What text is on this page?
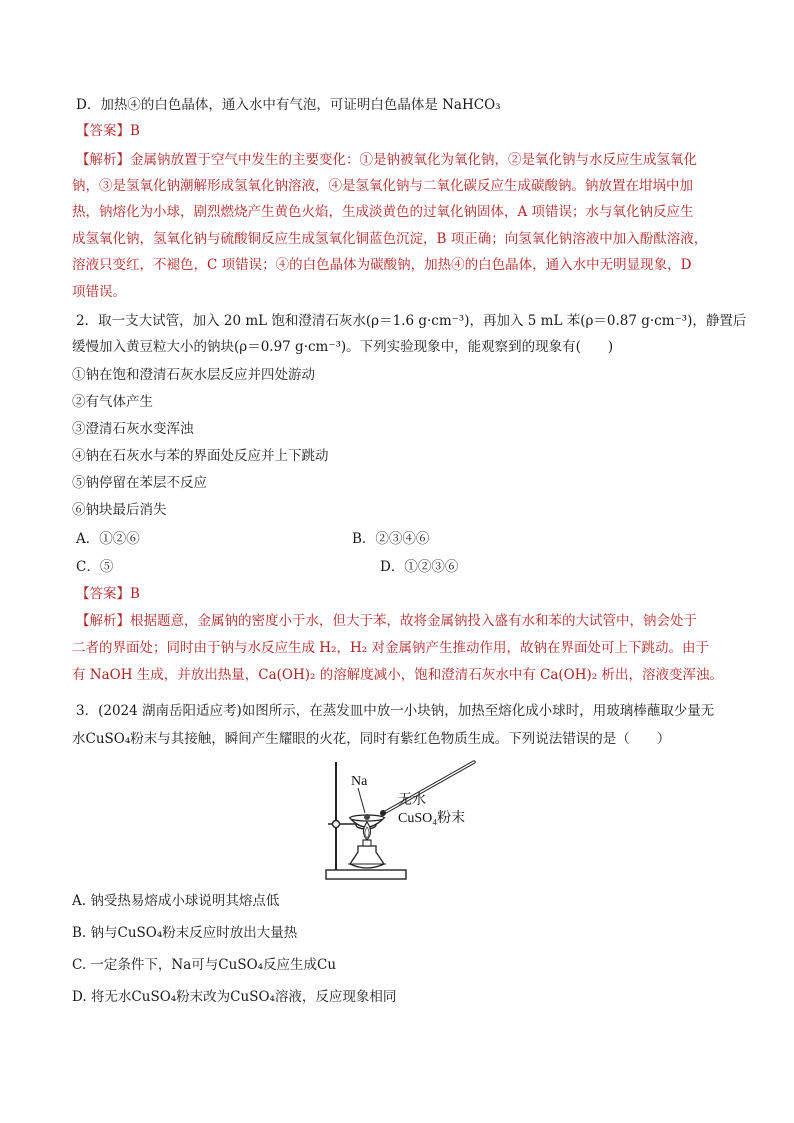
D．加热④的白色晶体，通入水中有气泡，可证明白色晶体是 NaHCO₃
【答案】B
【解析】金属钠放置于空气中发生的主要变化：①是钠被氧化为氧化钠，②是氧化钠与水反应生成氢氧化
钠，③是氢氧化钠潮解形成氢氧化钠溶液，④是氢氧化钠与二氧化碳反应生成碳酸钠。钠放置在坩埚中加
热，钠熔化为小球，剧烈燃烧产生黄色火焰，生成淡黄色的过氧化钠固体，A 项错误；水与氧化钠反应生
成氢氧化钠，氢氧化钠与硫酸铜反应生成氢氧化铜蓝色沉淀，B 项正确；向氢氧化钠溶液中加入酚酞溶液，
溶液只变红，不褪色，C 项错误；④的白色晶体为碳酸钠，加热④的白色晶体，通入水中无明显现象，D
项错误。
2．取一支大试管，加入 20 mL 饱和澄清石灰水(ρ＝1.6 g·cm⁻³)，再加入 5 mL 苯(ρ＝0.87 g·cm⁻³)，静置后
缓慢加入黄豆粒大小的钠块(ρ＝0.97 g·cm⁻³)。下列实验现象中，能观察到的现象有(　　)
①钠在饱和澄清石灰水层反应并四处游动
②有气体产生
③澄清石灰水变浑浊
④钠在石灰水与苯的界面处反应并上下跳动
⑤钠停留在苯层不反应
⑥钠块最后消失
A．①②⑥	B．②③④⑥
C．⑤	D．①②③⑥
【答案】B
【解析】根据题意，金属钠的密度小于水，但大于苯，故将金属钠投入盛有水和苯的大试管中，钠会处于
二者的界面处；同时由于钠与水反应生成 H₂，H₂ 对金属钠产生推动作用，故钠在界面处可上下跳动。由于
有 NaOH 生成，并放出热量，Ca(OH)₂ 的溶解度减小，饱和澄清石灰水中有 Ca(OH)₂ 析出，溶液变浑浊。
3．(2024 湖南岳阳适应考)如图所示，在蒸发皿中放一小块钠，加热至熔化成小球时，用玻璃棒蘸取少量无
水CuSO₄粉末与其接触，瞬间产生耀眼的火花，同时有紫红色物质生成。下列说法错误的是（　　）
Na
无水
CuSO₄粉末
A. 钠受热易熔成小球说明其熔点低
B. 钠与CuSO₄粉末反应时放出大量热
C. 一定条件下，Na可与CuSO₄反应生成Cu
D. 将无水CuSO₄粉末改为CuSO₄溶液，反应现象相同
